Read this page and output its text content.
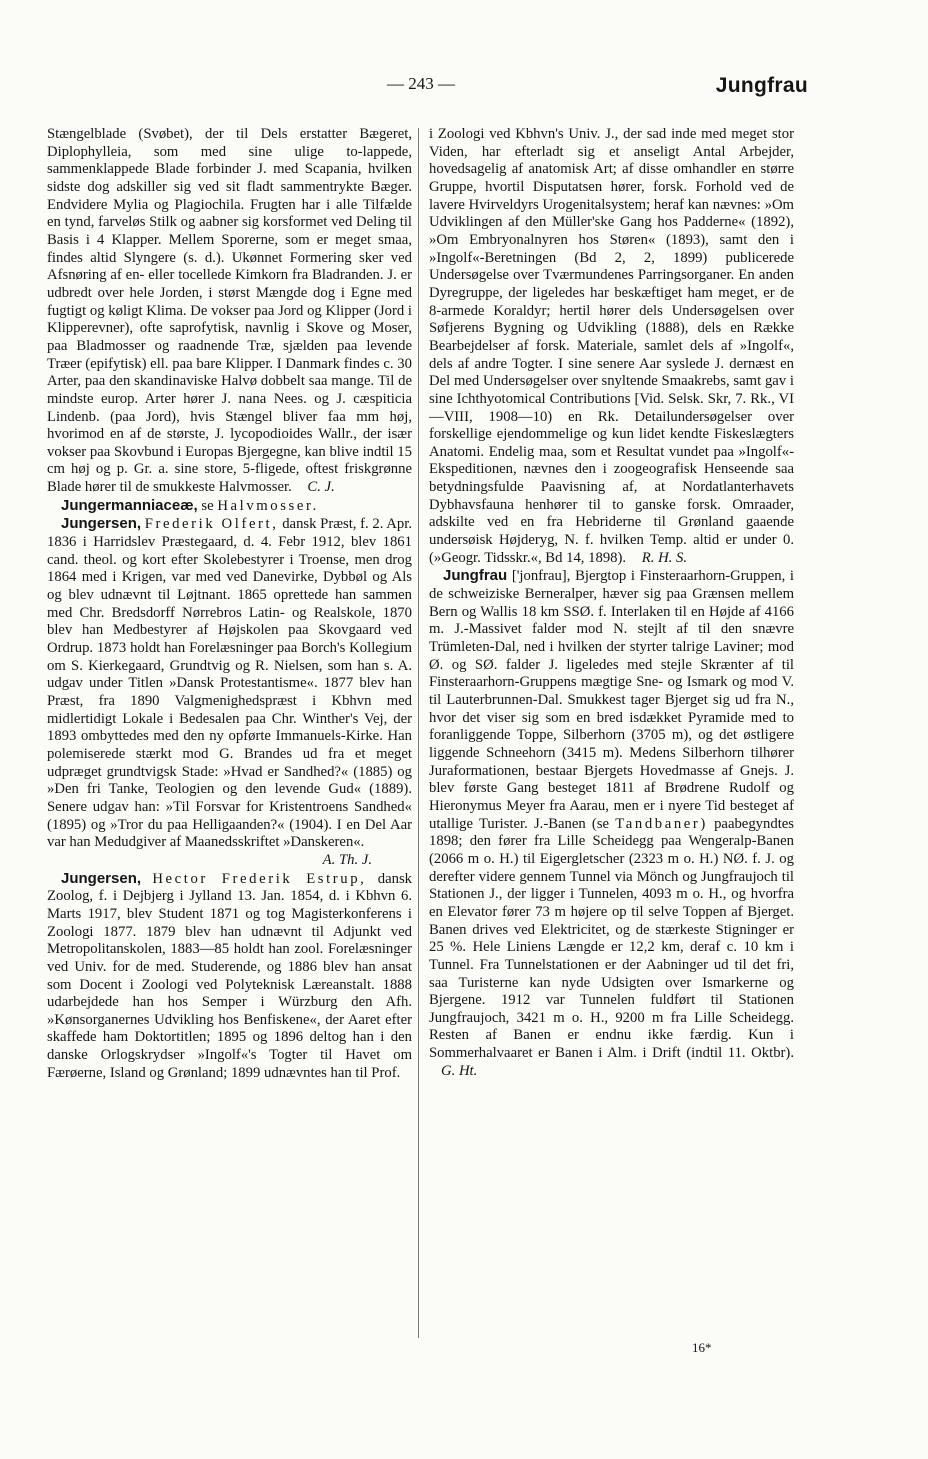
— 243 —	Jungfrau

Stængelblade (Svøbet), der til Dels erstatter Bægeret, Diplophylleia, som med sine ulige to-lappede, sammenklappede Blade forbinder J. med Scapania, hvilken sidste dog adskiller sig ved sit fladt sammentrykte Bæger. Endvidere Mylia og Plagiochila. Frugten har i alle Tilfælde en tynd, farveløs Stilk og aabner sig korsformet ved Deling til Basis i 4 Klapper. Mellem Sporerne, som er meget smaa, findes altid Slyngere (s. d.). Ukønnet Formering sker ved Afsnøring af en- eller tocellede Kimkorn fra Bladranden. J. er udbredt over hele Jorden, i størst Mængde dog i Egne med fugtigt og køligt Klima. De vokser paa Jord og Klipper (Jord i Klipperevner), ofte saprofytisk, navnlig i Skove og Moser, paa Bladmosser og raadnende Træ, sjælden paa levende Træer (epifytisk) ell. paa bare Klipper. I Danmark findes c. 30 Arter, paa den skandinaviske Halvø dobbelt saa mange. Til de mindste europ. Arter hører J. nana Nees. og J. cæspiticia Lindenb. (paa Jord), hvis Stængel bliver faa mm høj, hvorimod en af de største, J. lycopodioides Wallr., der især vokser paa Skovbund i Europas Bjergegne, kan blive indtil 15 cm høj og p. Gr. a. sine store, 5-fligede, oftest friskgrønne Blade hører til de smukkeste Halvmosser. C. J.

Jungermanniaceæ, se Halvmosser.

Jungersen, Frederik Olfert, dansk Præst, f. 2. Apr. 1836 i Harridslev Præstegaard, d. 4. Febr 1912, blev 1861 cand. theol. og kort efter Skolebestyrer i Troense, men drog 1864 med i Krigen, var med ved Danevirke, Dybbøl og Als og blev udnævnt til Løjtnant. 1865 oprettede han sammen med Chr. Bredsdorff Nørrebros Latin- og Realskole, 1870 blev han Medbestyrer af Højskolen paa Skovgaard ved Ordrup. 1873 holdt han Forelæsninger paa Borch's Kollegium om S. Kierkegaard, Grundtvig og R. Nielsen, som han s. A. udgav under Titlen »Dansk Protestantisme«. 1877 blev han Præst, fra 1890 Valgmenighedspræst i Kbhvn med midlertidigt Lokale i Bedesalen paa Chr. Winther's Vej, der 1893 ombyttedes med den ny opførte Immanuels-Kirke. Han polemiserede stærkt mod G. Brandes ud fra et meget udpræget grundtvigsk Stade: »Hvad er Sandhed?« (1885) og »Den fri Tanke, Teologien og den levende Gud« (1889). Senere udgav han: »Til Forsvar for Kristentroens Sandhed« (1895) og »Tror du paa Helligaanden?« (1904). I en Del Aar var han Medudgiver af Maanedsskriftet »Danskeren«.

A. Th. J.

Jungersen, Hector Frederik Estrup, dansk Zoolog, f. i Dejbjerg i Jylland 13. Jan. 1854, d. i Kbhvn 6. Marts 1917, blev Student 1871 og tog Magisterkonferens i Zoologi 1877. 1879 blev han udnævnt til Adjunkt ved Metropolitanskolen, 1883—85 holdt han zool. Forelæsninger ved Univ. for de med. Studerende, og 1886 blev han ansat som Docent i Zoologi ved Polyteknisk Læreanstalt. 1888 udarbejdede han hos Semper i Würzburg den Afh. »Kønsorganernes Udvikling hos Benfiskene«, der Aaret efter skaffede ham Doktortitlen; 1895 og 1896 deltog han i den danske Orlogskrydser »Ingolf«'s Togter til Havet om Færøerne, Island og Grønland; 1899 udnævntes han til Prof.

i Zoologi ved Kbhvn's Univ. J., der sad inde med meget stor Viden, har efterladt sig et anseligt Antal Arbejder, hovedsagelig af anatomisk Art; af disse omhandler en større Gruppe, hvortil Disputatsen hører, forsk. Forhold ved de lavere Hvirveldyrs Urogenitalsystem; heraf kan nævnes: »Om Udviklingen af den Müller'ske Gang hos Padderne« (1892), »Om Embryonalnyren hos Støren« (1893), samt den i »Ingolf«-Beretningen (Bd 2, 2, 1899) publicerede Undersøgelse over Tværmundenes Parringsorganer. En anden Dyregruppe, der ligeledes har beskæftiget ham meget, er de 8-armede Koraldyr; hertil hører dels Undersøgelsen over Søfjerens Bygning og Udvikling (1888), dels en Række Bearbejdelser af forsk. Materiale, samlet dels af »Ingolf«, dels af andre Togter. I sine senere Aar syslede J. dernæst en Del med Undersøgelser over snyltende Smaakrebs, samt gav i sine Ichthyotomical Contributions [Vid. Selsk. Skr, 7. Rk., VI—VIII, 1908—10) en Rk. Detailundersøgelser over forskellige ejendommelige og kun lidet kendte Fiskeslægters Anatomi. Endelig maa, som et Resultat vundet paa »Ingolf«-Ekspeditionen, nævnes den i zoogeografisk Henseende saa betydningsfulde Paavisning af, at Nordatlanterhavets Dybhavsfauna henhører til to ganske forsk. Omraader, adskilte ved en fra Hebriderne til Grønland gaaende undersøisk Højderyg, N. f. hvilken Temp. altid er under 0. (»Geogr. Tidsskr.«, Bd 14, 1898). R. H. S.

Jungfrau ['jonfrau], Bjergtop i Finsteraarhorn-Gruppen, i de schweiziske Berneralper, hæver sig paa Grænsen mellem Bern og Wallis 18 km SSØ. f. Interlaken til en Højde af 4166 m. J.-Massivet falder mod N. stejlt af til den snævre Trümleten-Dal, ned i hvilken der styrter talrige Laviner; mod Ø. og SØ. falder J. ligeledes med stejle Skrænter af til Finsteraarhorn-Gruppens mægtige Sne- og Ismark og mod V. til Lauterbrunnen-Dal. Smukkest tager Bjerget sig ud fra N., hvor det viser sig som en bred isdækket Pyramide med to foranliggende Toppe, Silberhorn (3705 m), og det østligere liggende Schneehorn (3415 m). Medens Silberhorn tilhører Juraformationen, bestaar Bjergets Hovedmasse af Gnejs. J. blev første Gang besteget 1811 af Brødrene Rudolf og Hieronymus Meyer fra Aarau, men er i nyere Tid besteget af utallige Turister. J.-Banen (se Tandbaner) paabegyndtes 1898; den fører fra Lille Scheidegg paa Wengeralp-Banen (2066 m o. H.) til Eigergletscher (2323 m o. H.) NØ. f. J. og derefter videre gennem Tunnel via Mönch og Jungfraujoch til Stationen J., der ligger i Tunnelen, 4093 m o. H., og hvorfra en Elevator fører 73 m højere op til selve Toppen af Bjerget. Banen drives ved Elektricitet, og de stærkeste Stigninger er 25 %. Hele Liniens Længde er 12,2 km, deraf c. 10 km i Tunnel. Fra Tunnelstationen er der Aabninger ud til det fri, saa Turisterne kan nyde Udsigten over Ismarkerne og Bjergene. 1912 var Tunnelen fuldført til Stationen Jungfraujoch, 3421 m o. H., 9200 m fra Lille Scheidegg. Resten af Banen er endnu ikke færdig. Kun i Sommerhalvaaret er Banen i Alm. i Drift (indtil 11. Oktbr). G. Ht.

16*
